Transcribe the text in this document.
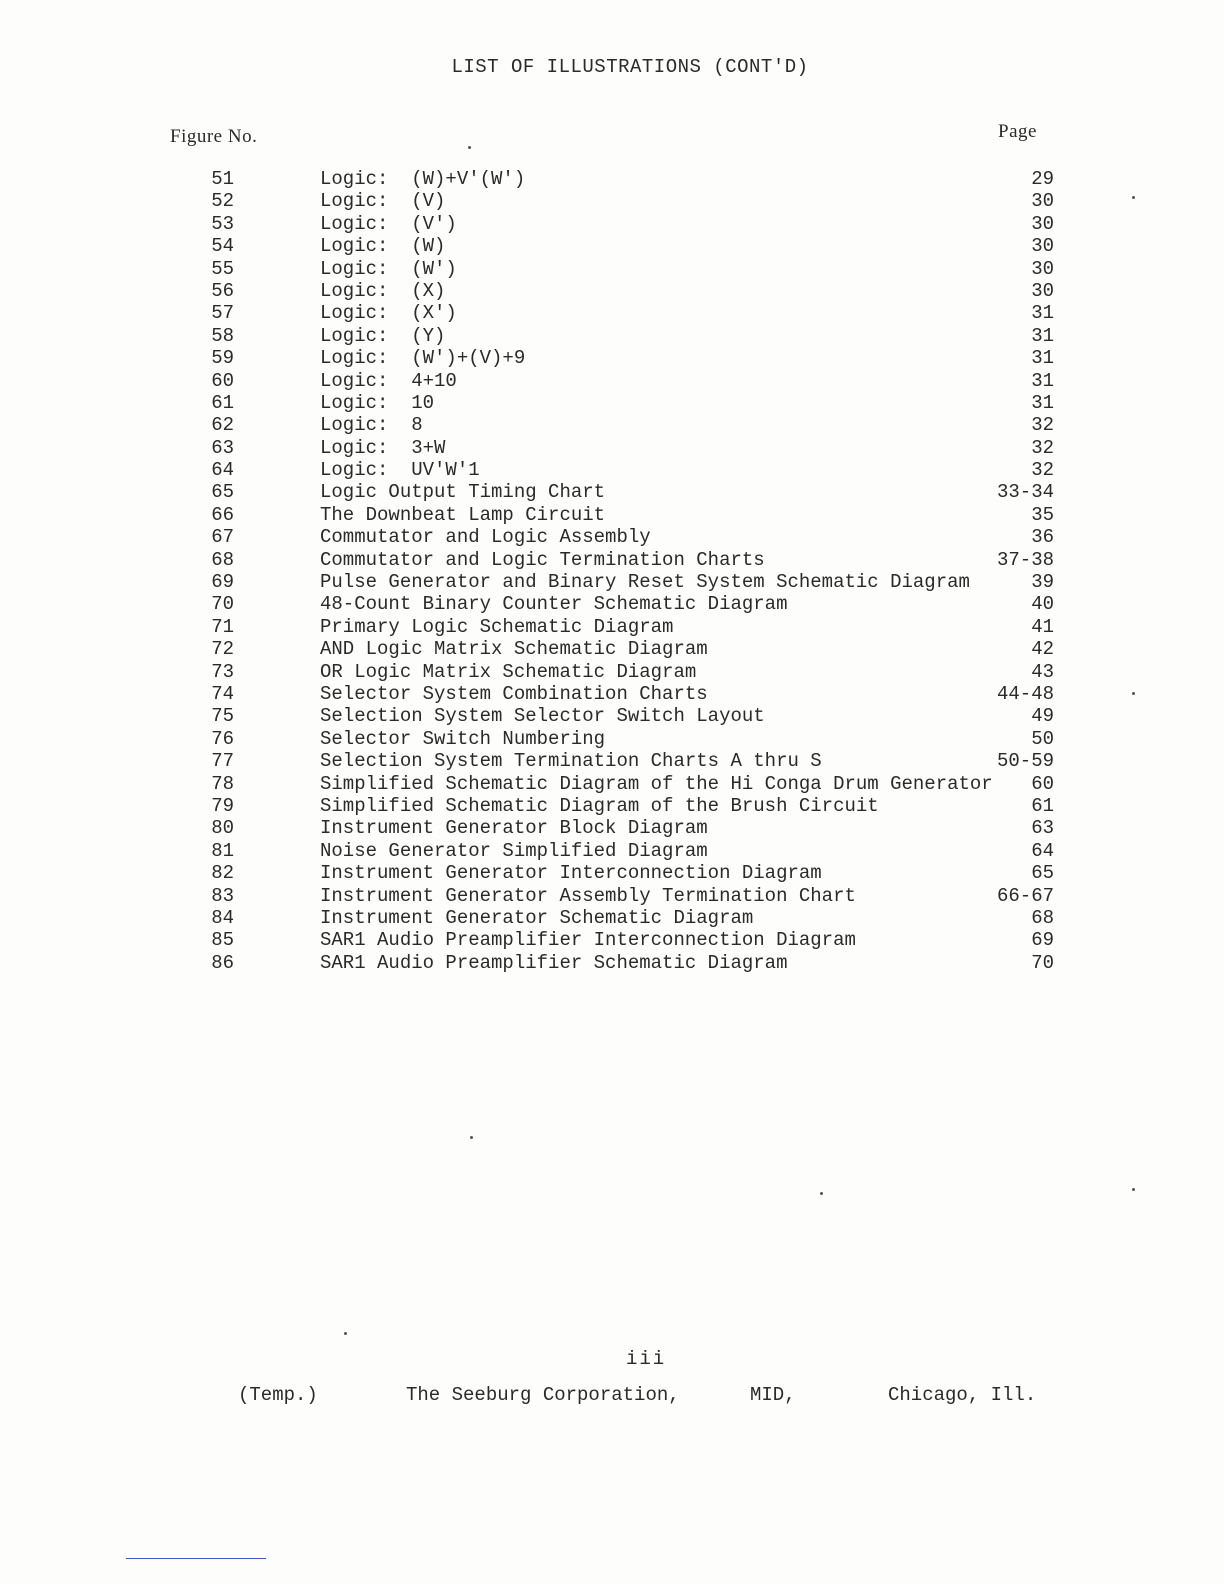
LIST OF ILLUSTRATIONS (CONT'D)
Figure No.	Page
51	Logic:  (W)+V'(W')	29
52	Logic:  (V)	30
53	Logic:  (V')	30
54	Logic:  (W)	30
55	Logic:  (W')	30
56	Logic:  (X)	30
57	Logic:  (X')	31
58	Logic:  (Y)	31
59	Logic:  (W')+(V)+9	31
60	Logic:  4+10	31
61	Logic:  10	31
62	Logic:  8	32
63	Logic:  3+W	32
64	Logic:  UV'W'1	32
65	Logic Output Timing Chart	33-34
66	The Downbeat Lamp Circuit	35
67	Commutator and Logic Assembly	36
68	Commutator and Logic Termination Charts	37-38
69	Pulse Generator and Binary Reset System Schematic Diagram	39
70	48-Count Binary Counter Schematic Diagram	40
71	Primary Logic Schematic Diagram	41
72	AND Logic Matrix Schematic Diagram	42
73	OR Logic Matrix Schematic Diagram	43
74	Selector System Combination Charts	44-48
75	Selection System Selector Switch Layout	49
76	Selector Switch Numbering	50
77	Selection System Termination Charts A thru S	50-59
78	Simplified Schematic Diagram of the Hi Conga Drum Generator 60
79	Simplified Schematic Diagram of the Brush Circuit	61
80	Instrument Generator Block Diagram	63
81	Noise Generator Simplified Diagram	64
82	Instrument Generator Interconnection Diagram	65
83	Instrument Generator Assembly Termination Chart	66-67
84	Instrument Generator Schematic Diagram	68
85	SAR1 Audio Preamplifier Interconnection Diagram	69
86	SAR1 Audio Preamplifier Schematic Diagram	70
iii
(Temp.)	The Seeburg Corporation,	MID,	Chicago, Ill.
